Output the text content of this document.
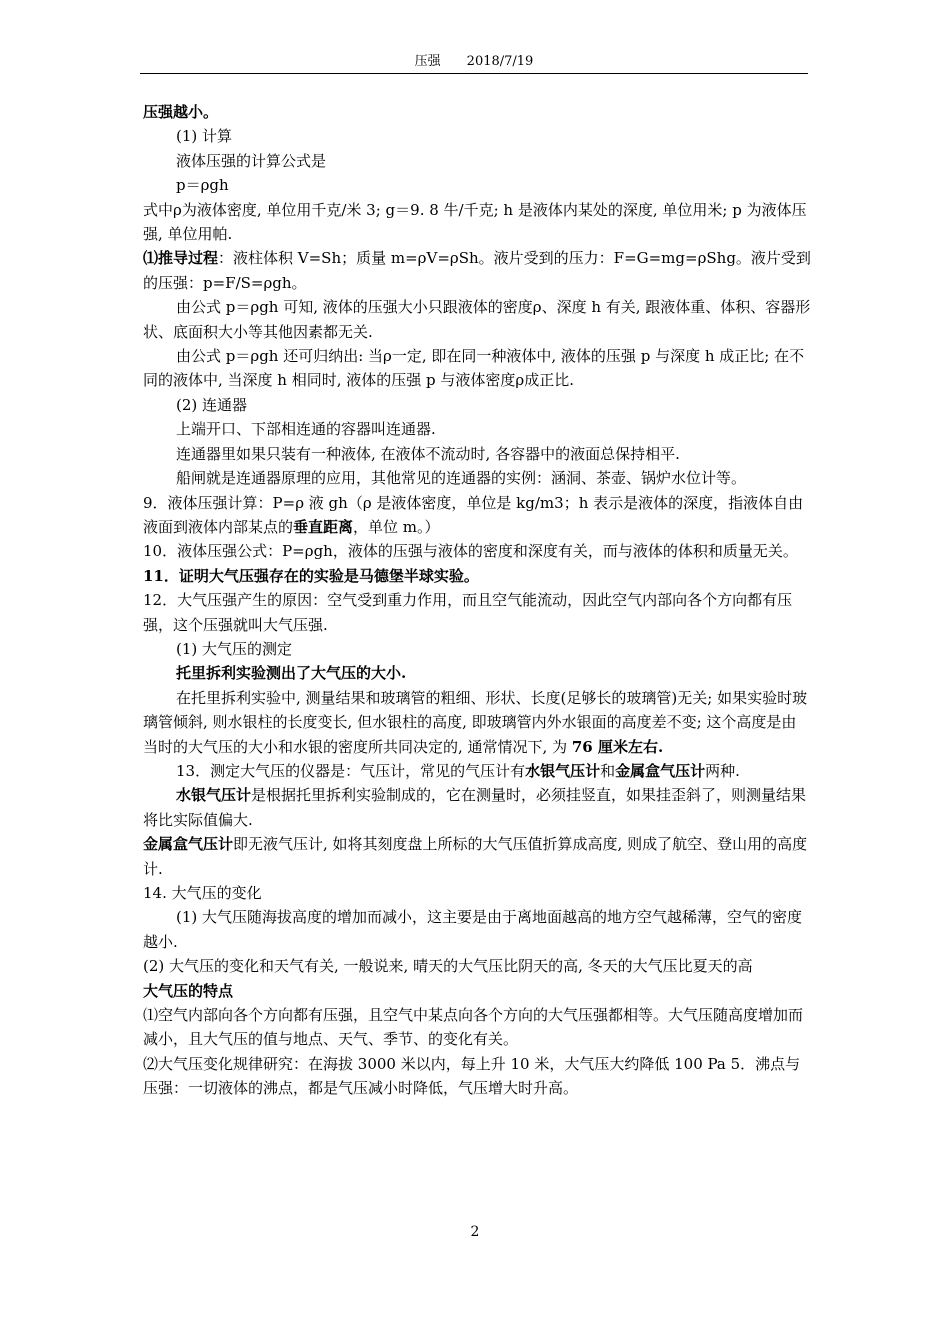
压强 2018/7/19

压强越小。

(1) 计算

液体压强的计算公式是

p＝ρgh

式中ρ为液体密度, 单位用千克/米 3; g＝9. 8 牛/千克; h 是液体内某处的深度, 单位用米; p 为液体压强, 单位用帕.

⑴推导过程：液柱体积 V=Sh；质量 m=ρV=ρSh。液片受到的压力：F=G=mg=ρShg。液片受到的压强：p=F/S=ρgh。

由公式 p＝ρgh 可知, 液体的压强大小只跟液体的密度ρ、深度 h 有关, 跟液体重、体积、容器形状、底面积大小等其他因素都无关.

由公式 p＝ρgh 还可归纳出: 当ρ一定, 即在同一种液体中, 液体的压强 p 与深度 h 成正比; 在不同的液体中, 当深度 h 相同时, 液体的压强 p 与液体密度ρ成正比.

(2) 连通器

上端开口、下部相连通的容器叫连通器.

连通器里如果只装有一种液体, 在液体不流动时, 各容器中的液面总保持相平.

船闸就是连通器原理的应用，其他常见的连通器的实例：涵洞、茶壶、锅炉水位计等。

9．液体压强计算：P=ρ 液 gh（ρ 是液体密度，单位是 kg/m3；h 表示是液体的深度，指液体自由液面到液体内部某点的垂直距离，单位 m。）

10．液体压强公式：P=ρgh，液体的压强与液体的密度和深度有关，而与液体的体积和质量无关。

11．证明大气压强存在的实验是马德堡半球实验。

12．大气压强产生的原因：空气受到重力作用，而且空气能流动，因此空气内部向各个方向都有压强，这个压强就叫大气压强.

(1) 大气压的测定

托里拆利实验测出了大气压的大小.

在托里拆利实验中, 测量结果和玻璃管的粗细、形状、长度(足够长的玻璃管)无关; 如果实验时玻璃管倾斜, 则水银柱的长度变长, 但水银柱的高度, 即玻璃管内外水银面的高度差不变; 这个高度是由当时的大气压的大小和水银的密度所共同决定的, 通常情况下, 为 76 厘米左右.

13．测定大气压的仪器是：气压计，常见的气压计有水银气压计和金属盒气压计两种.

水银气压计是根据托里拆利实验制成的，它在测量时，必须挂竖直，如果挂歪斜了，则测量结果将比实际值偏大.

金属盒气压计即无液气压计, 如将其刻度盘上所标的大气压值折算成高度, 则成了航空、登山用的高度计.

14. 大气压的变化

(1) 大气压随海拔高度的增加而减小，这主要是由于离地面越高的地方空气越稀薄，空气的密度越小.

(2) 大气压的变化和天气有关, 一般说来, 晴天的大气压比阴天的高, 冬天的大气压比夏天的高

大气压的特点

⑴空气内部向各个方向都有压强，且空气中某点向各个方向的大气压强都相等。大气压随高度增加而减小，且大气压的值与地点、天气、季节、的变化有关。

⑵大气压变化规律研究：在海拔 3000 米以内，每上升 10 米，大气压大约降低 100 Pa 5．沸点与压强：一切液体的沸点，都是气压减小时降低，气压增大时升高。

2
